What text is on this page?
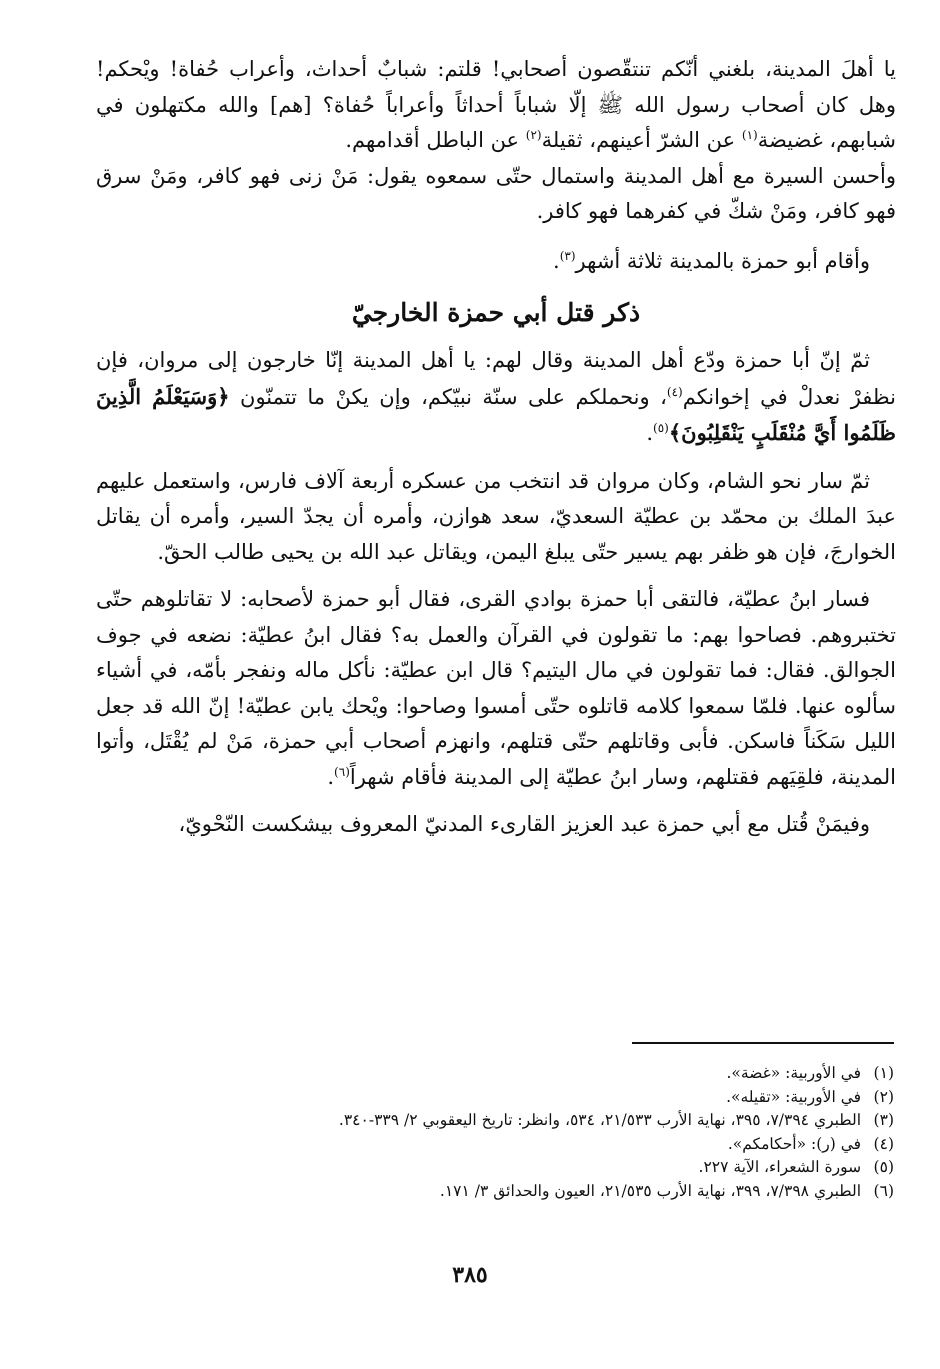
يا أهلَ المدينة، بلغني أنّكم تنتقّصون أصحابي! قلتم: شبابٌ أحداث، وأعراب حُفاة! ويْحكم! وهل كان أصحاب رسول الله ﷺ إلّا شباباً أحداثاً وأعراباً حُفاة؟ [هم] والله مكتهلون في شبابهم، غضيضة$^{(١)}$ عن الشرّ أعينهم، ثقيلة$^{(٢)}$ عن الباطل أقدامهم.

وأحسن السيرة مع أهل المدينة واستمال حتّى سمعوه يقول: مَنْ زنى فهو كافر، ومَنْ سرق فهو كافر، ومَنْ شكّ في كفرهما فهو كافر.

وأقام أبو حمزة بالمدينة ثلاثة أشهر$^{(٣)}$.

ذكر قتل أبي حمزة الخارجيّ

ثمّ إنّ أبا حمزة ودّع أهل المدينة وقال لهم: يا أهل المدينة إنّا خارجون إلى مروان، فإن نظفرْ نعدلْ في إخوانكم$^{(٤)}$، ونحملكم على سنّة نبيّكم، وإن يكنْ ما تتمنّون ﴿وَسَيَعْلَمُ الَّذِينَ ظَلَمُوا أَيَّ مُنْقَلَبٍ يَنْقَلِبُونَ﴾$^{(٥)}$.

ثمّ سار نحو الشام، وكان مروان قد انتخب من عسكره أربعة آلاف فارس، واستعمل عليهم عبدَ الملك بن محمّد بن عطيّة السعديّ، سعد هوازن، وأمره أن يجدّ السير، وأمره أن يقاتل الخوارجَ، فإن هو ظفر بهم يسير حتّى يبلغ اليمن، ويقاتل عبد الله بن يحيى طالب الحقّ.

فسار ابنُ عطيّة، فالتقى أبا حمزة بوادي القرى، فقال أبو حمزة لأصحابه: لا تقاتلوهم حتّى تختبروهم. فصاحوا بهم: ما تقولون في القرآن والعمل به؟ فقال ابنُ عطيّة: نضعه في جوف الجوالق. فقال: فما تقولون في مال اليتيم؟ قال ابن عطيّة: نأكل ماله ونفجر بأمّه، في أشياء سألوه عنها. فلمّا سمعوا كلامه قاتلوه حتّى أمسوا وصاحوا: ويْحك يابن عطيّة! إنّ الله قد جعل الليل سَكَناً فاسكن. فأبى وقاتلهم حتّى قتلهم، وانهزم أصحاب أبي حمزة، مَنْ لم يُقْتَل، وأتوا المدينة، فلقِيَهم فقتلهم، وسار ابنُ عطيّة إلى المدينة فأقام شهراً$^{(٦)}$.

وفيمَنْ قُتل مع أبي حمزة عبد العزيز القارىء المدنيّ المعروف بيشكست النّحْويّ،

(١) في الأوربية: «غضة».

(٢) في الأوربية: «تقيله».

(٣) الطبري ٧/٣٩٤، ٣٩٥، نهاية الأرب ٢١/٥٣٣، ٥٣٤، وانظر: تاريخ اليعقوبي ٢/ ٣٣٩-٣٤٠.

(٤) في (ر): «أحكامكم».

(٥) سورة الشعراء، الآية ٢٢٧.

(٦) الطبري ٧/٣٩٨، ٣٩٩، نهاية الأرب ٢١/٥٣٥، العيون والحدائق ٣/ ١٧١.

٣٨٥
